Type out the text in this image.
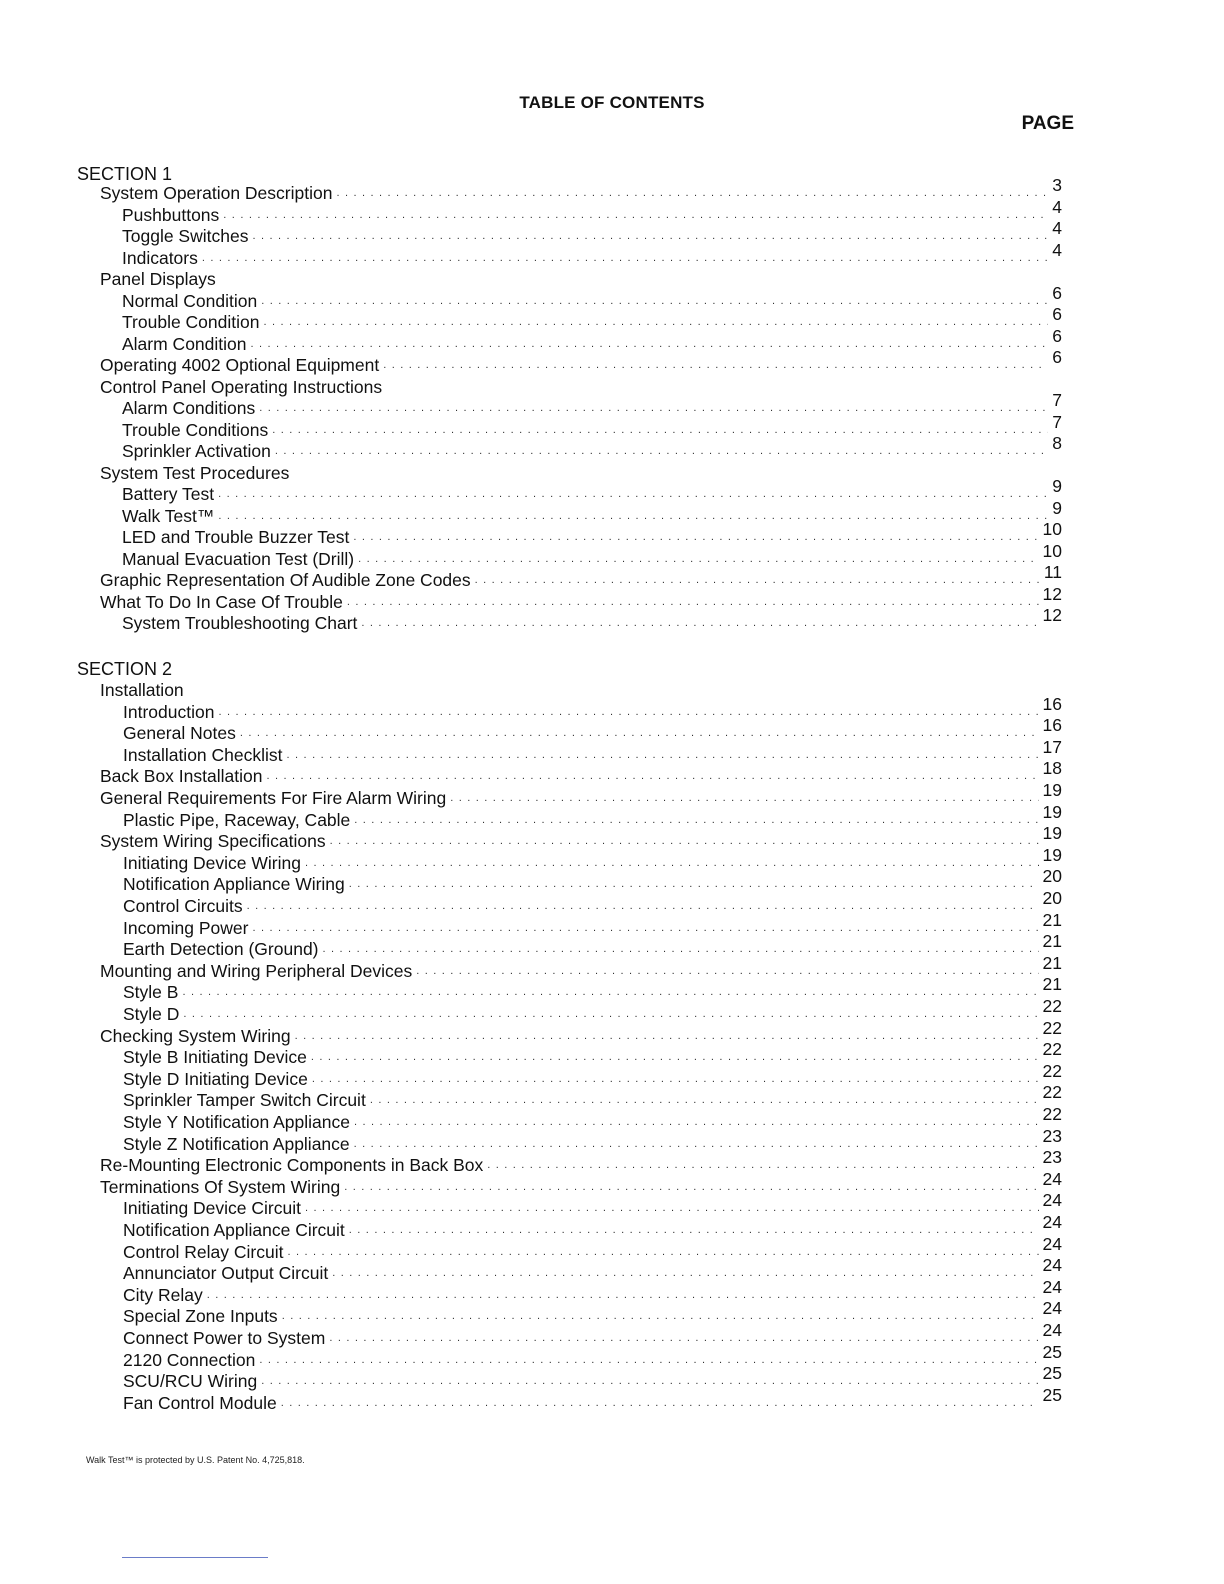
TABLE OF CONTENTS
PAGE
SECTION 1
System Operation Description . . .	3
Pushbuttons . . .	4
Toggle Switches . . .	4
Indicators . . .	4
Panel Displays
Normal Condition . . .	6
Trouble Condition . . .	6
Alarm Condition . . .	6
Operating 4002 Optional Equipment . . .	6
Control Panel Operating Instructions
Alarm Conditions . . .	7
Trouble Conditions . . .	7
Sprinkler Activation . . .	8
System Test Procedures
Battery Test . . .	9
Walk Test™ . . .	9
LED and Trouble Buzzer Test . . .	10
Manual Evacuation Test (Drill) . . .	10
Graphic Representation Of Audible Zone Codes . . .	11
What To Do In Case Of Trouble . . .	12
System Troubleshooting Chart . . .	12
SECTION 2
Installation
Introduction . . .	16
General Notes . . .	16
Installation Checklist . . .	17
Back Box Installation . . .	18
General Requirements For Fire Alarm Wiring . . .	19
Plastic Pipe, Raceway, Cable . . .	19
System Wiring Specifications . . .	19
Initiating Device Wiring . . .	19
Notification Appliance Wiring . . .	20
Control Circuits . . .	20
Incoming Power . . .	21
Earth Detection (Ground) . . .	21
Mounting and Wiring Peripheral Devices . . .	21
Style B . . .	21
Style D . . .	22
Checking System Wiring . . .	22
Style B Initiating Device . . .	22
Style D Initiating Device . . .	22
Sprinkler Tamper Switch Circuit . . .	22
Style Y Notification Appliance . . .	22
Style Z Notification Appliance . . .	23
Re-Mounting Electronic Components in Back Box . . .	23
Terminations Of System Wiring . . .	24
Initiating Device Circuit . . .	24
Notification Appliance Circuit . . .	24
Control Relay Circuit . . .	24
Annunciator Output Circuit . . .	24
City Relay . . .	24
Special Zone Inputs . . .	24
Connect Power to System . . .	24
2120 Connection . . .	25
SCU/RCU Wiring . . .	25
Fan Control Module . . .	25
Walk Test™ is protected by U.S. Patent No. 4,725,818.
